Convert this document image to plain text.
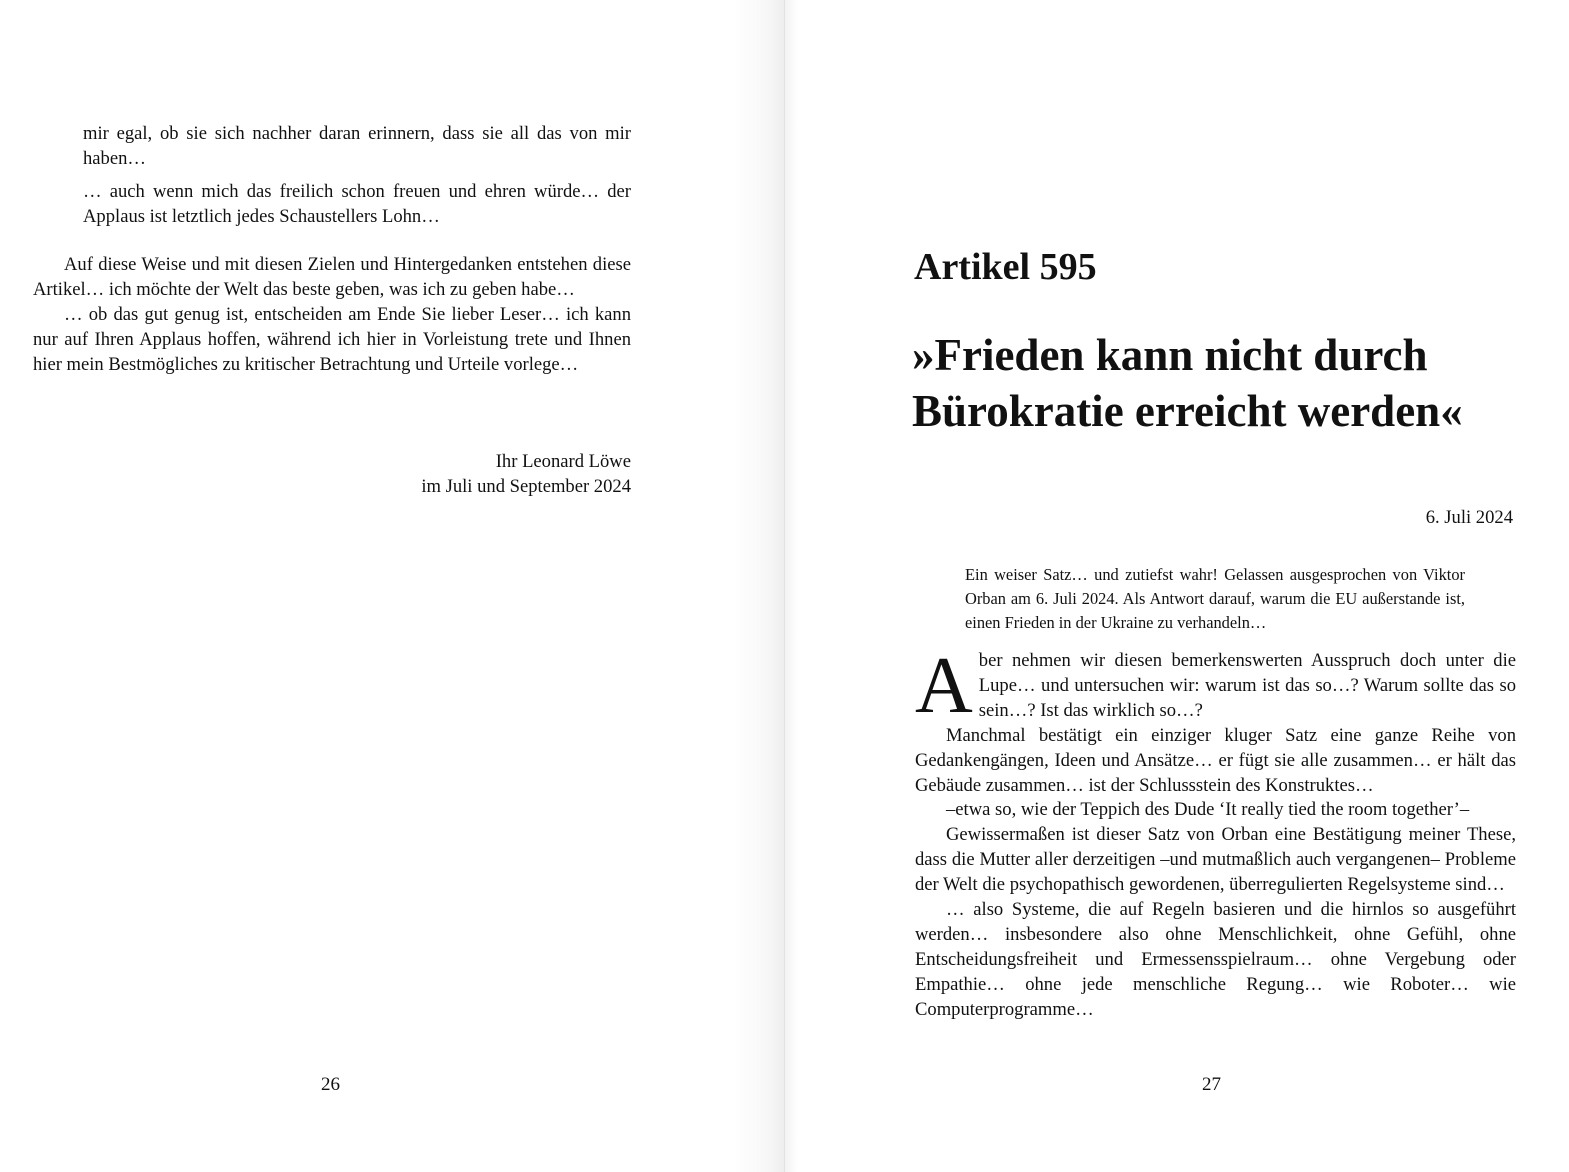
mir egal, ob sie sich nachher daran erinnern, dass sie all das von mir haben…

… auch wenn mich das freilich schon freuen und ehren würde… der Applaus ist letztlich jedes Schaustellers Lohn…

Auf diese Weise und mit diesen Zielen und Hintergedanken entstehen diese Artikel… ich möchte der Welt das beste geben, was ich zu geben habe…

… ob das gut genug ist, entscheiden am Ende Sie lieber Leser… ich kann nur auf Ihren Applaus hoffen, während ich hier in Vorleistung trete und Ihnen hier mein Bestmögliches zu kritischer Betrachtung und Urteile vorlege…

Ihr Leonard Löwe
im Juli und September 2024
26
Artikel 595
»Frieden kann nicht durch Bürokratie erreicht werden«
6. Juli 2024

Ein weiser Satz… und zutiefst wahr! Gelassen ausgesprochen von Viktor Orban am 6. Juli 2024. Als Antwort darauf, warum die EU außerstande ist, einen Frieden in der Ukraine zu verhandeln…

Aber nehmen wir diesen bemerkenswerten Ausspruch doch unter die Lupe… und untersuchen wir: warum ist das so…? Warum sollte das so sein…? Ist das wirklich so…?

Manchmal bestätigt ein einziger kluger Satz eine ganze Reihe von Gedankengängen, Ideen und Ansätze… er fügt sie alle zusammen… er hält das Gebäude zusammen… ist der Schlussstein des Konstruktes…

–etwa so, wie der Teppich des Dude ‘It really tied the room together’–

Gewissermaßen ist dieser Satz von Orban eine Bestätigung meiner These, dass die Mutter aller derzeitigen –und mutmaßlich auch vergangenen– Probleme der Welt die psychopathisch gewordenen, überregulierten Regelsysteme sind…

… also Systeme, die auf Regeln basieren und die hirnlos so ausgeführt werden… insbesondere also ohne Menschlichkeit, ohne Gefühl, ohne Entscheidungsfreiheit und Ermessensspielraum… ohne Vergebung oder Empathie… ohne jede menschliche Regung… wie Roboter… wie Computerprogramme…

27
